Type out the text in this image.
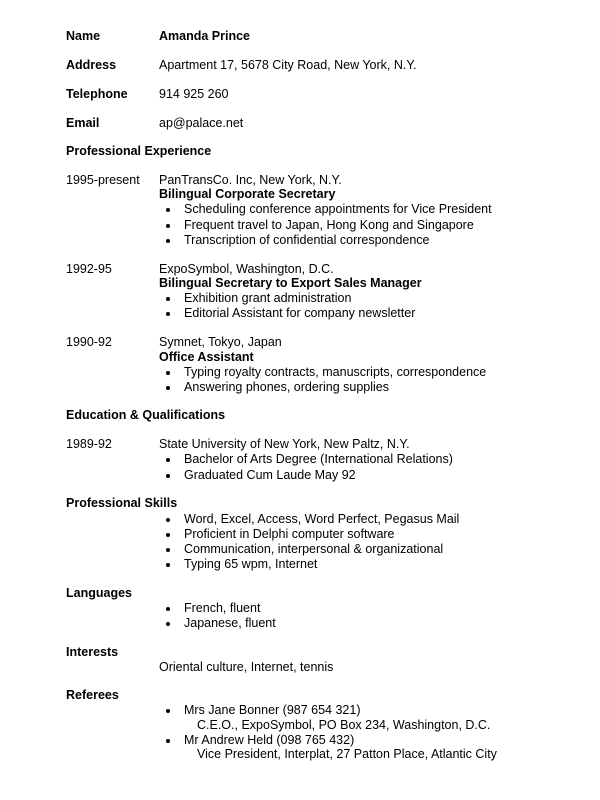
Name	Amanda Prince
Address	Apartment 17, 5678 City Road, New York, N.Y.
Telephone	914 925 260
Email	ap@palace.net
Professional Experience
1995-present PanTransCo. Inc, New York, N.Y.
Bilingual Corporate Secretary
Scheduling conference appointments for Vice President
Frequent travel to Japan, Hong Kong and Singapore
Transcription of confidential correspondence
1992-95	ExpoSymbol, Washington, D.C.
Bilingual Secretary to Export Sales Manager
Exhibition grant administration
Editorial Assistant for company newsletter
1990-92	Symnet, Tokyo, Japan
Office Assistant
Typing royalty contracts, manuscripts, correspondence
Answering phones, ordering supplies
Education & Qualifications
1989-92	State University of New York, New Paltz, N.Y.
Bachelor of Arts Degree (International Relations)
Graduated Cum Laude May 92
Professional Skills
Word, Excel, Access, Word Perfect, Pegasus Mail
Proficient in Delphi computer software
Communication, interpersonal & organizational
Typing 65 wpm, Internet
Languages
French, fluent
Japanese, fluent
Interests
Oriental culture, Internet, tennis
Referees
Mrs Jane Bonner (987 654 321)
C.E.O., ExpoSymbol, PO Box 234, Washington, D.C.
Mr Andrew Held (098 765 432)
Vice President, Interplat, 27 Patton Place, Atlantic City
